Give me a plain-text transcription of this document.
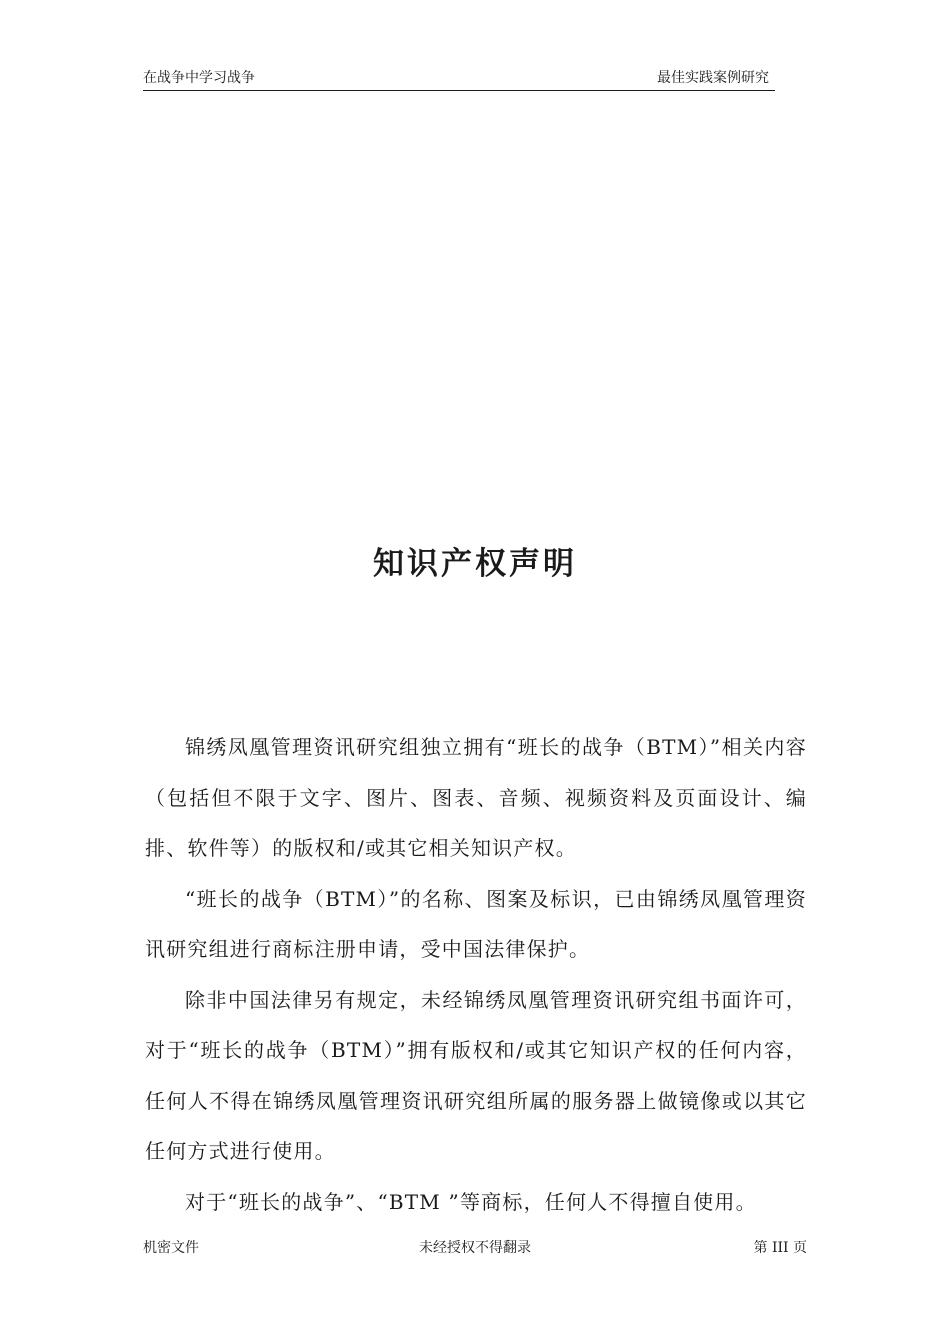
在战争中学习战争	最佳实践案例研究
知识产权声明

锦绣凤凰管理资讯研究组独立拥有“班长的战争（BTM）”相关内容（包括但不限于文字、图片、图表、音频、视频资料及页面设计、编排、软件等）的版权和/或其它相关知识产权。

“班长的战争（BTM）”的名称、图案及标识，已由锦绣凤凰管理资讯研究组进行商标注册申请，受中国法律保护。

除非中国法律另有规定，未经锦绣凤凰管理资讯研究组书面许可，对于“班长的战争（BTM）”拥有版权和/或其它知识产权的任何内容，任何人不得在锦绣凤凰管理资讯研究组所属的服务器上做镜像或以其它任何方式进行使用。

对于“班长的战争”、“BTM ”等商标，任何人不得擅自使用。

机密文件	未经授权不得翻录	第 III 页
